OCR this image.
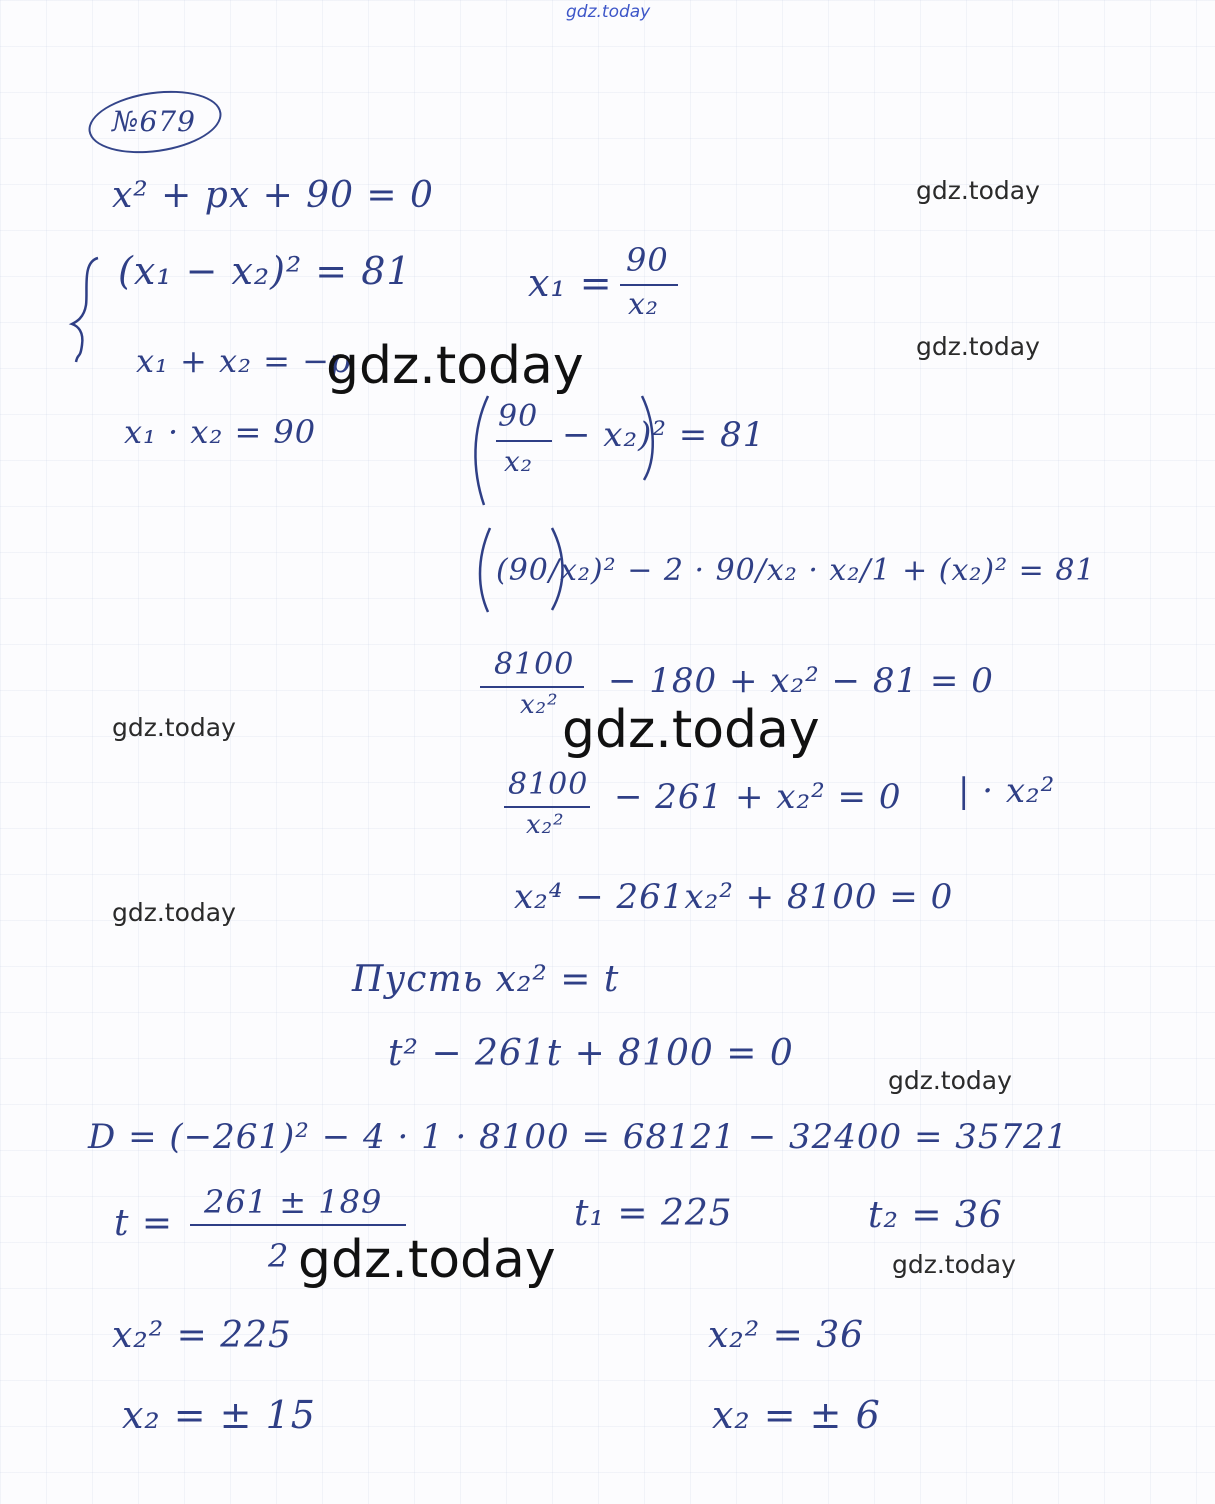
gdz.today
№679
x² + px + 90 = 0
(x₁ − x₂)² = 81
x₁ + x₂ = −p
x₁ · x₂ = 90
x₁ =
90
x₂
90
x₂
− x₂)² = 81
(90/x₂)² − 2 · 90/x₂ · x₂/1 + (x₂)² = 81
8100
x₂²
− 180 + x₂² − 81 = 0
8100
x₂²
− 261 + x₂² = 0 | · x₂²
x₂⁴ − 261x₂² + 8100 = 0
Пусть x₂² = t
t² − 261t + 8100 = 0
D = (−261)² − 4 · 1 · 8100 = 68121 − 32400 = 35721
t =
261 ± 189
2
t₁ = 225	t₂ = 36
x₂² = 225	x₂² = 36
x₂ = ± 15	x₂ = ± 6
gdz.today
gdz.today
gdz.today
gdz.today
gdz.today
gdz.today
gdz.today
gdz.today
gdz.today
